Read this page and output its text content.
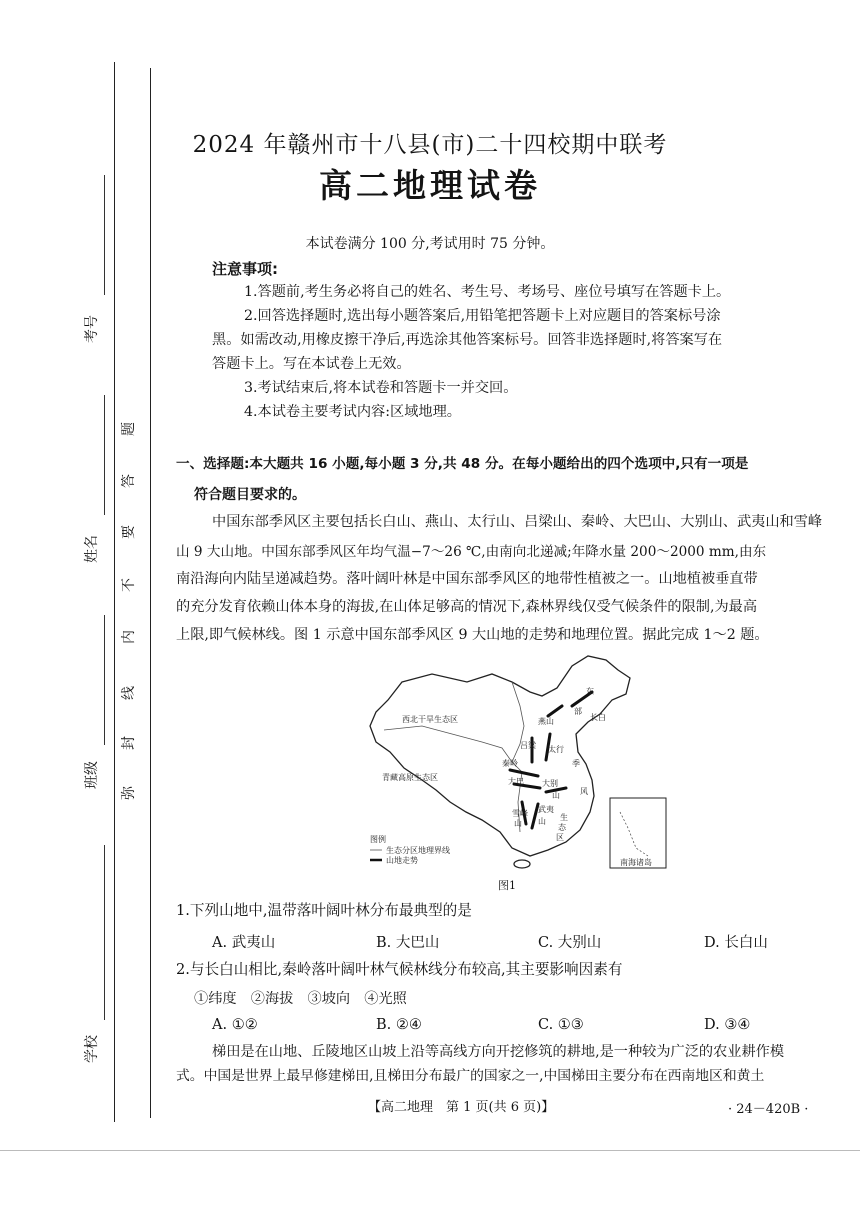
考号
姓名
班级
学校
弥
封
线
内
不
要
答
题
2024 年赣州市十八县(市)二十四校期中联考
高二地理试卷
本试卷满分 100 分,考试用时 75 分钟。
注意事项:
1.答题前,考生务必将自己的姓名、考生号、考场号、座位号填写在答题卡上。
2.回答选择题时,选出每小题答案后,用铅笔把答题卡上对应题目的答案标号涂
黑。如需改动,用橡皮擦干净后,再选涂其他答案标号。回答非选择题时,将答案写在
答题卡上。写在本试卷上无效。
3.考试结束后,将本试卷和答题卡一并交回。
4.本试卷主要考试内容:区域地理。
一、选择题:本大题共 16 小题,每小题 3 分,共 48 分。在每小题给出的四个选项中,只有一项是
符合题目要求的。
中国东部季风区主要包括长白山、燕山、太行山、吕梁山、秦岭、大巴山、大别山、武夷山和雪峰
山 9 大山地。中国东部季风区年均气温−7～26 ℃,由南向北递减;年降水量 200～2000 mm,由东
南沿海向内陆呈递减趋势。落叶阔叶林是中国东部季风区的地带性植被之一。山地植被垂直带
的充分发育依赖山体本身的海拔,在山体足够高的情况下,森林界线仅受气候条件的限制,为最高
上限,即气候林线。图 1 示意中国东部季风区 9 大山地的走势和地理位置。据此完成 1～2 题。
南海诸岛
西北干旱生态区
青藏高原生态区
东
部
季
风
生
态
区
燕山	长白
吕梁 太行
秦岭
大巴 大别
武夷
雪峰
山 山
山
图例
生态分区地理界线
山地走势
图1
1.下列山地中,温带落叶阔叶林分布最典型的是
A. 武夷山	B. 大巴山	C. 大别山	D. 长白山
2.与长白山相比,秦岭落叶阔叶林气候林线分布较高,其主要影响因素有
①纬度　②海拔　③坡向　④光照
A. ①②	B. ②④	C. ①③	D. ③④
梯田是在山地、丘陵地区山坡上沿等高线方向开挖修筑的耕地,是一种较为广泛的农业耕作模
式。中国是世界上最早修建梯田,且梯田分布最广的国家之一,中国梯田主要分布在西南地区和黄土
【高二地理　第 1 页(共 6 页)】	· 24－420B ·
